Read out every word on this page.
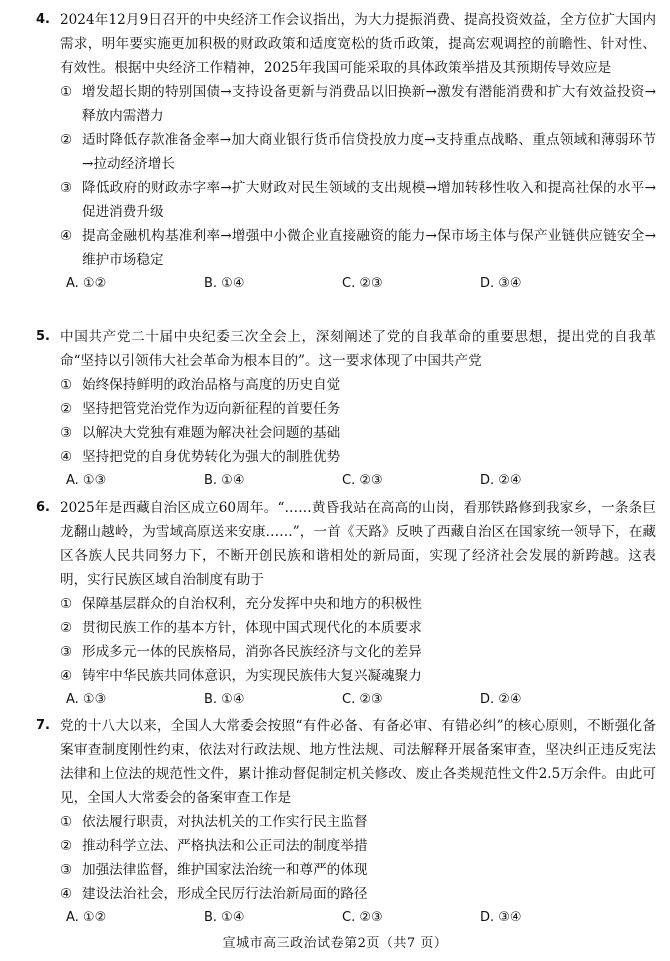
4. 2024年12月9日召开的中央经济工作会议指出，为大力提振消费、提高投资效益，全方位扩大国内需求，明年要实施更加积极的财政政策和适度宽松的货币政策，提高宏观调控的前瞻性、针对性、有效性。根据中央经济工作精神，2025年我国可能采取的具体政策举措及其预期传导效应是
① 增发超长期的特别国债→支持设备更新与消费品以旧换新→激发有潜能消费和扩大有效益投资→释放内需潜力
② 适时降低存款准备金率→加大商业银行货币信贷投放力度→支持重点战略、重点领域和薄弱环节→拉动经济增长
③ 降低政府的财政赤字率→扩大财政对民生领域的支出规模→增加转移性收入和提高社保的水平→促进消费升级
④ 提高金融机构基准利率→增强中小微企业直接融资的能力→保市场主体与保产业链供应链安全→维护市场稳定
A. ①②	B. ①④	C. ②③	D. ③④
5. 中国共产党二十届中央纪委三次全会上，深刻阐述了党的自我革命的重要思想，提出党的自我革命“坚持以引领伟大社会革命为根本目的”。这一要求体现了中国共产党
① 始终保持鲜明的政治品格与高度的历史自觉
② 坚持把管党治党作为迈向新征程的首要任务
③ 以解决大党独有难题为解决社会问题的基础
④ 坚持把党的自身优势转化为强大的制胜优势
A. ①③	B. ①④	C. ②③	D. ②④
6. 2025年是西藏自治区成立60周年。“……黄昏我站在高高的山岗，看那铁路修到我家乡，一条条巨龙翻山越岭，为雪域高原送来安康……”，一首《天路》反映了西藏自治区在国家统一领导下，在藏区各族人民共同努力下，不断开创民族和谐相处的新局面，实现了经济社会发展的新跨越。这表明，实行民族区域自治制度有助于
① 保障基层群众的自治权利，充分发挥中央和地方的积极性
② 贯彻民族工作的基本方针，体现中国式现代化的本质要求
③ 形成多元一体的民族格局，消弥各民族经济与文化的差异
④ 铸牢中华民族共同体意识，为实现民族伟大复兴凝魂聚力
A. ①③	B. ①④	C. ②③	D. ②④
7. 党的十八大以来，全国人大常委会按照“有件必备、有备必审、有错必纠”的核心原则，不断强化备案审查制度刚性约束，依法对行政法规、地方性法规、司法解释开展备案审查，坚决纠正违反宪法法律和上位法的规范性文件，累计推动督促制定机关修改、废止各类规范性文件2.5万余件。由此可见，全国人大常委会的备案审查工作是
① 依法履行职责，对执法机关的工作实行民主监督
② 推动科学立法、严格执法和公正司法的制度举措
③ 加强法律监督，维护国家法治统一和尊严的体现
④ 建设法治社会，形成全民厉行法治新局面的路径
A. ①②	B. ①④	C. ②③	D. ③④
宣城市高三政治试卷第2页（共7 页）
